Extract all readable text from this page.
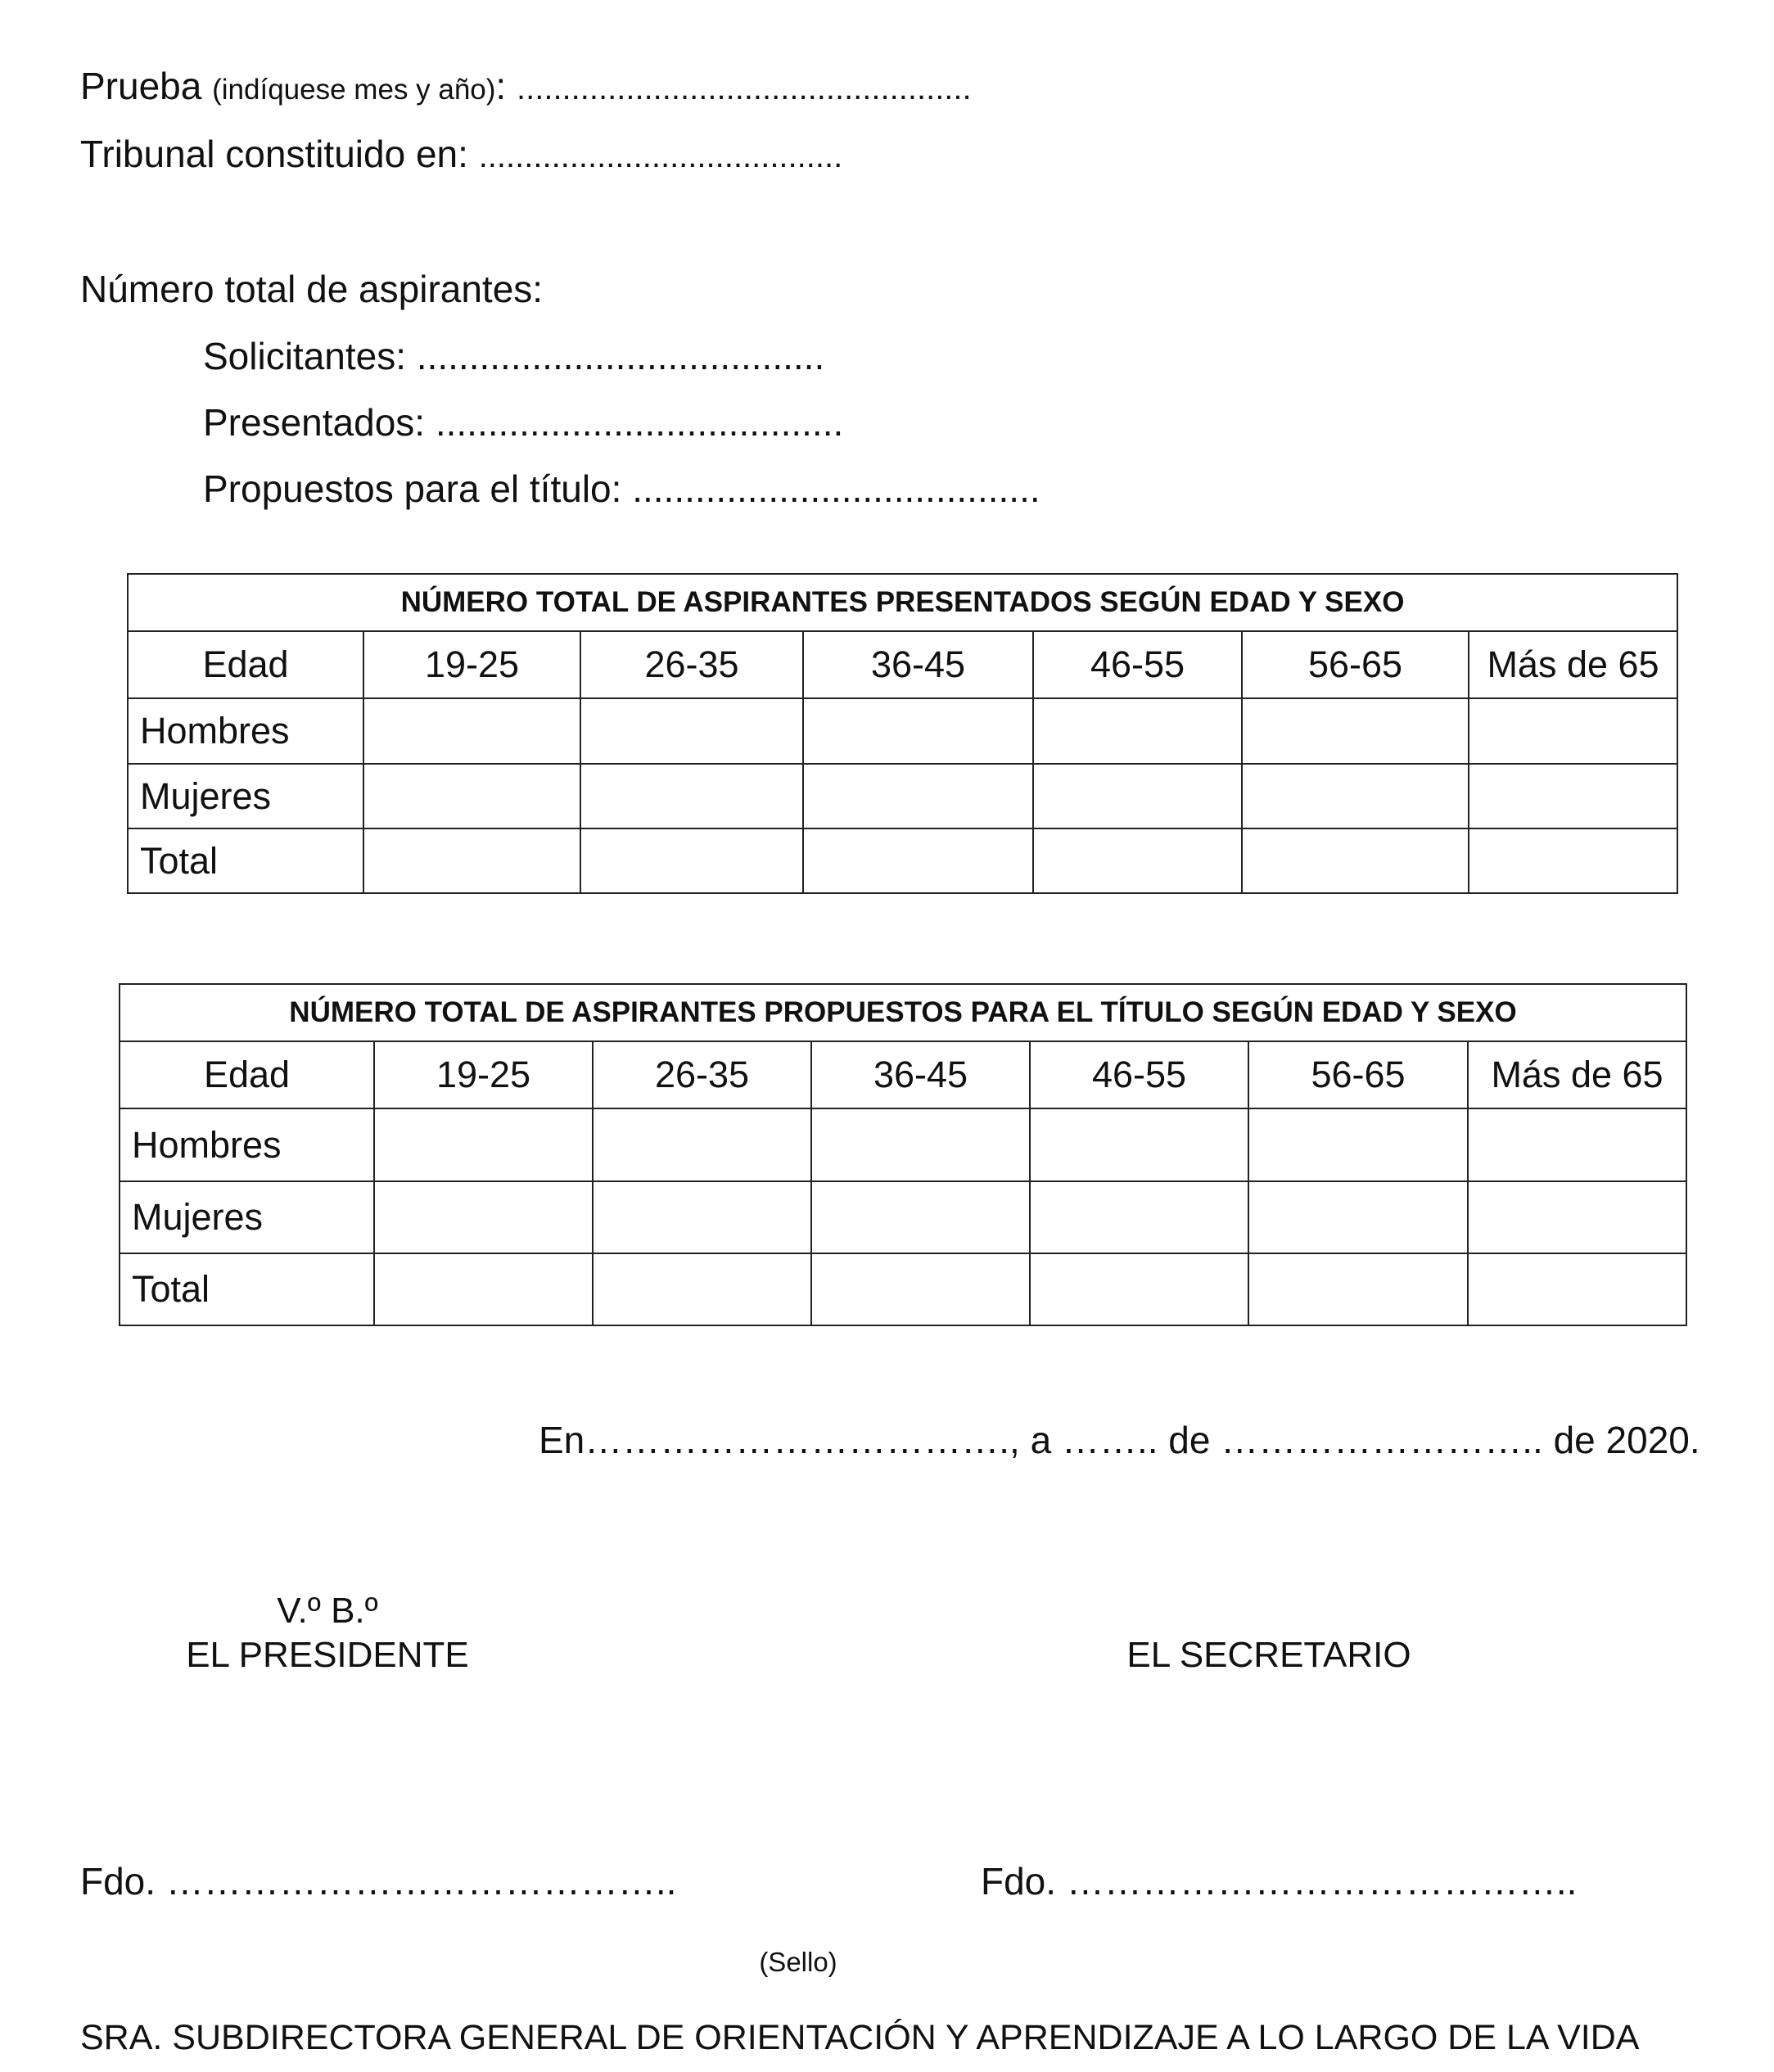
Prueba (indíquese mes y año): ..................................................
Tribunal constituido en: ........................................
Número total de aspirantes:
Solicitantes: .......................................
Presentados: .......................................
Propuestos para el título: .......................................
NÚMERO TOTAL DE ASPIRANTES PRESENTADOS SEGÚN EDAD Y SEXO						
Edad	19-25	26-35	36-45	46-55	56-65	Más de 65
Hombres						
Mujeres						
Total						
NÚMERO TOTAL DE ASPIRANTES PROPUESTOS PARA EL TÍTULO SEGÚN EDAD Y SEXO						
Edad	19-25	26-35	36-45	46-55	56-65	Más de 65
Hombres						
Mujeres						
Total						
En……………………………., a …….. de …………………….. de 2020.
V.º B.º
EL PRESIDENTE	EL SECRETARIO
Fdo. …………………………………..	Fdo. …………………………………..
(Sello)
SRA. SUBDIRECTORA GENERAL DE ORIENTACIÓN Y APRENDIZAJE A LO LARGO DE LA VIDA
